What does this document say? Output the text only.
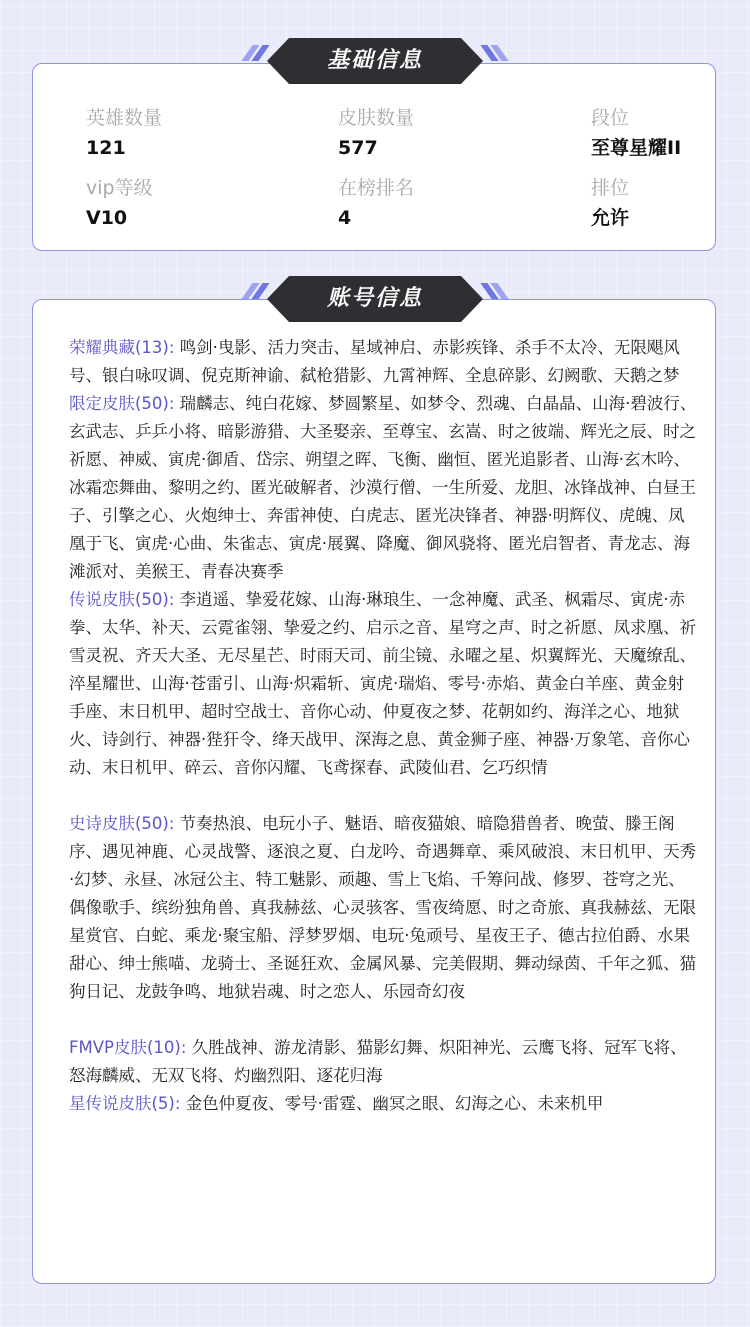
英雄数量
121
皮肤数量
577
段位
至尊星耀II
vip等级
V10
在榜排名
4
排位
允许
基础信息

荣耀典藏(13): 鸣剑·曳影、活力突击、星域神启、赤影疾锋、杀手不太冷、无限飓风号、银白咏叹调、倪克斯神谕、弑枪猎影、九霄神辉、全息碎影、幻阙歌、天鹅之梦

限定皮肤(50): 瑞麟志、纯白花嫁、梦圆繁星、如梦令、烈魂、白晶晶、山海·碧波行、玄武志、乒乒小将、暗影游猎、大圣娶亲、至尊宝、玄嵩、时之彼端、辉光之辰、时之祈愿、神威、寅虎·御盾、岱宗、朔望之晖、飞衡、幽恒、匿光追影者、山海·玄木吟、冰霜恋舞曲、黎明之约、匿光破解者、沙漠行僧、一生所爱、龙胆、冰锋战神、白昼王子、引擎之心、火炮绅士、奔雷神使、白虎志、匿光决锋者、神器·明辉仪、虎魄、凤凰于飞、寅虎·心曲、朱雀志、寅虎·展翼、降魔、御风骁将、匿光启智者、青龙志、海滩派对、美猴王、青春决赛季

传说皮肤(50): 李逍遥、挚爱花嫁、山海·琳琅生、一念神魔、武圣、枫霜尽、寅虎·赤拳、太华、补天、云霓雀翎、挚爱之约、启示之音、星穹之声、时之祈愿、凤求凰、祈雪灵祝、齐天大圣、无尽星芒、时雨天司、前尘镜、永曜之星、炽翼辉光、天魔缭乱、淬星耀世、山海·苍雷引、山海·炽霜斩、寅虎·瑞焰、零号·赤焰、黄金白羊座、黄金射手座、末日机甲、超时空战士、音你心动、仲夏夜之梦、花朝如约、海洋之心、地狱火、诗剑行、神器·狴犴令、绛天战甲、深海之息、黄金狮子座、神器·万象笔、音你心动、末日机甲、碎云、音你闪耀、飞鸢探春、武陵仙君、乞巧织情

史诗皮肤(50): 节奏热浪、电玩小子、魅语、暗夜猫娘、暗隐猎兽者、晚萤、滕王阁序、遇见神鹿、心灵战警、逐浪之夏、白龙吟、奇遇舞章、乘风破浪、末日机甲、天秀·幻梦、永昼、冰冠公主、特工魅影、顽趣、雪上飞焰、千筹问战、修罗、苍穹之光、偶像歌手、缤纷独角兽、真我赫兹、心灵骇客、雪夜绮愿、时之奇旅、真我赫兹、无限星赏官、白蛇、乘龙·聚宝船、浮梦罗烟、电玩·兔顽号、星夜王子、德古拉伯爵、水果甜心、绅士熊喵、龙骑士、圣诞狂欢、金属风暴、完美假期、舞动绿茵、千年之狐、猫狗日记、龙鼓争鸣、地狱岩魂、时之恋人、乐园奇幻夜

FMVP皮肤(10): 久胜战神、游龙清影、猫影幻舞、炽阳神光、云鹰飞将、冠军飞将、怒海麟威、无双飞将、灼幽烈阳、逐花归海

星传说皮肤(5): 金色仲夏夜、零号·雷霆、幽冥之眼、幻海之心、未来机甲

账号信息
